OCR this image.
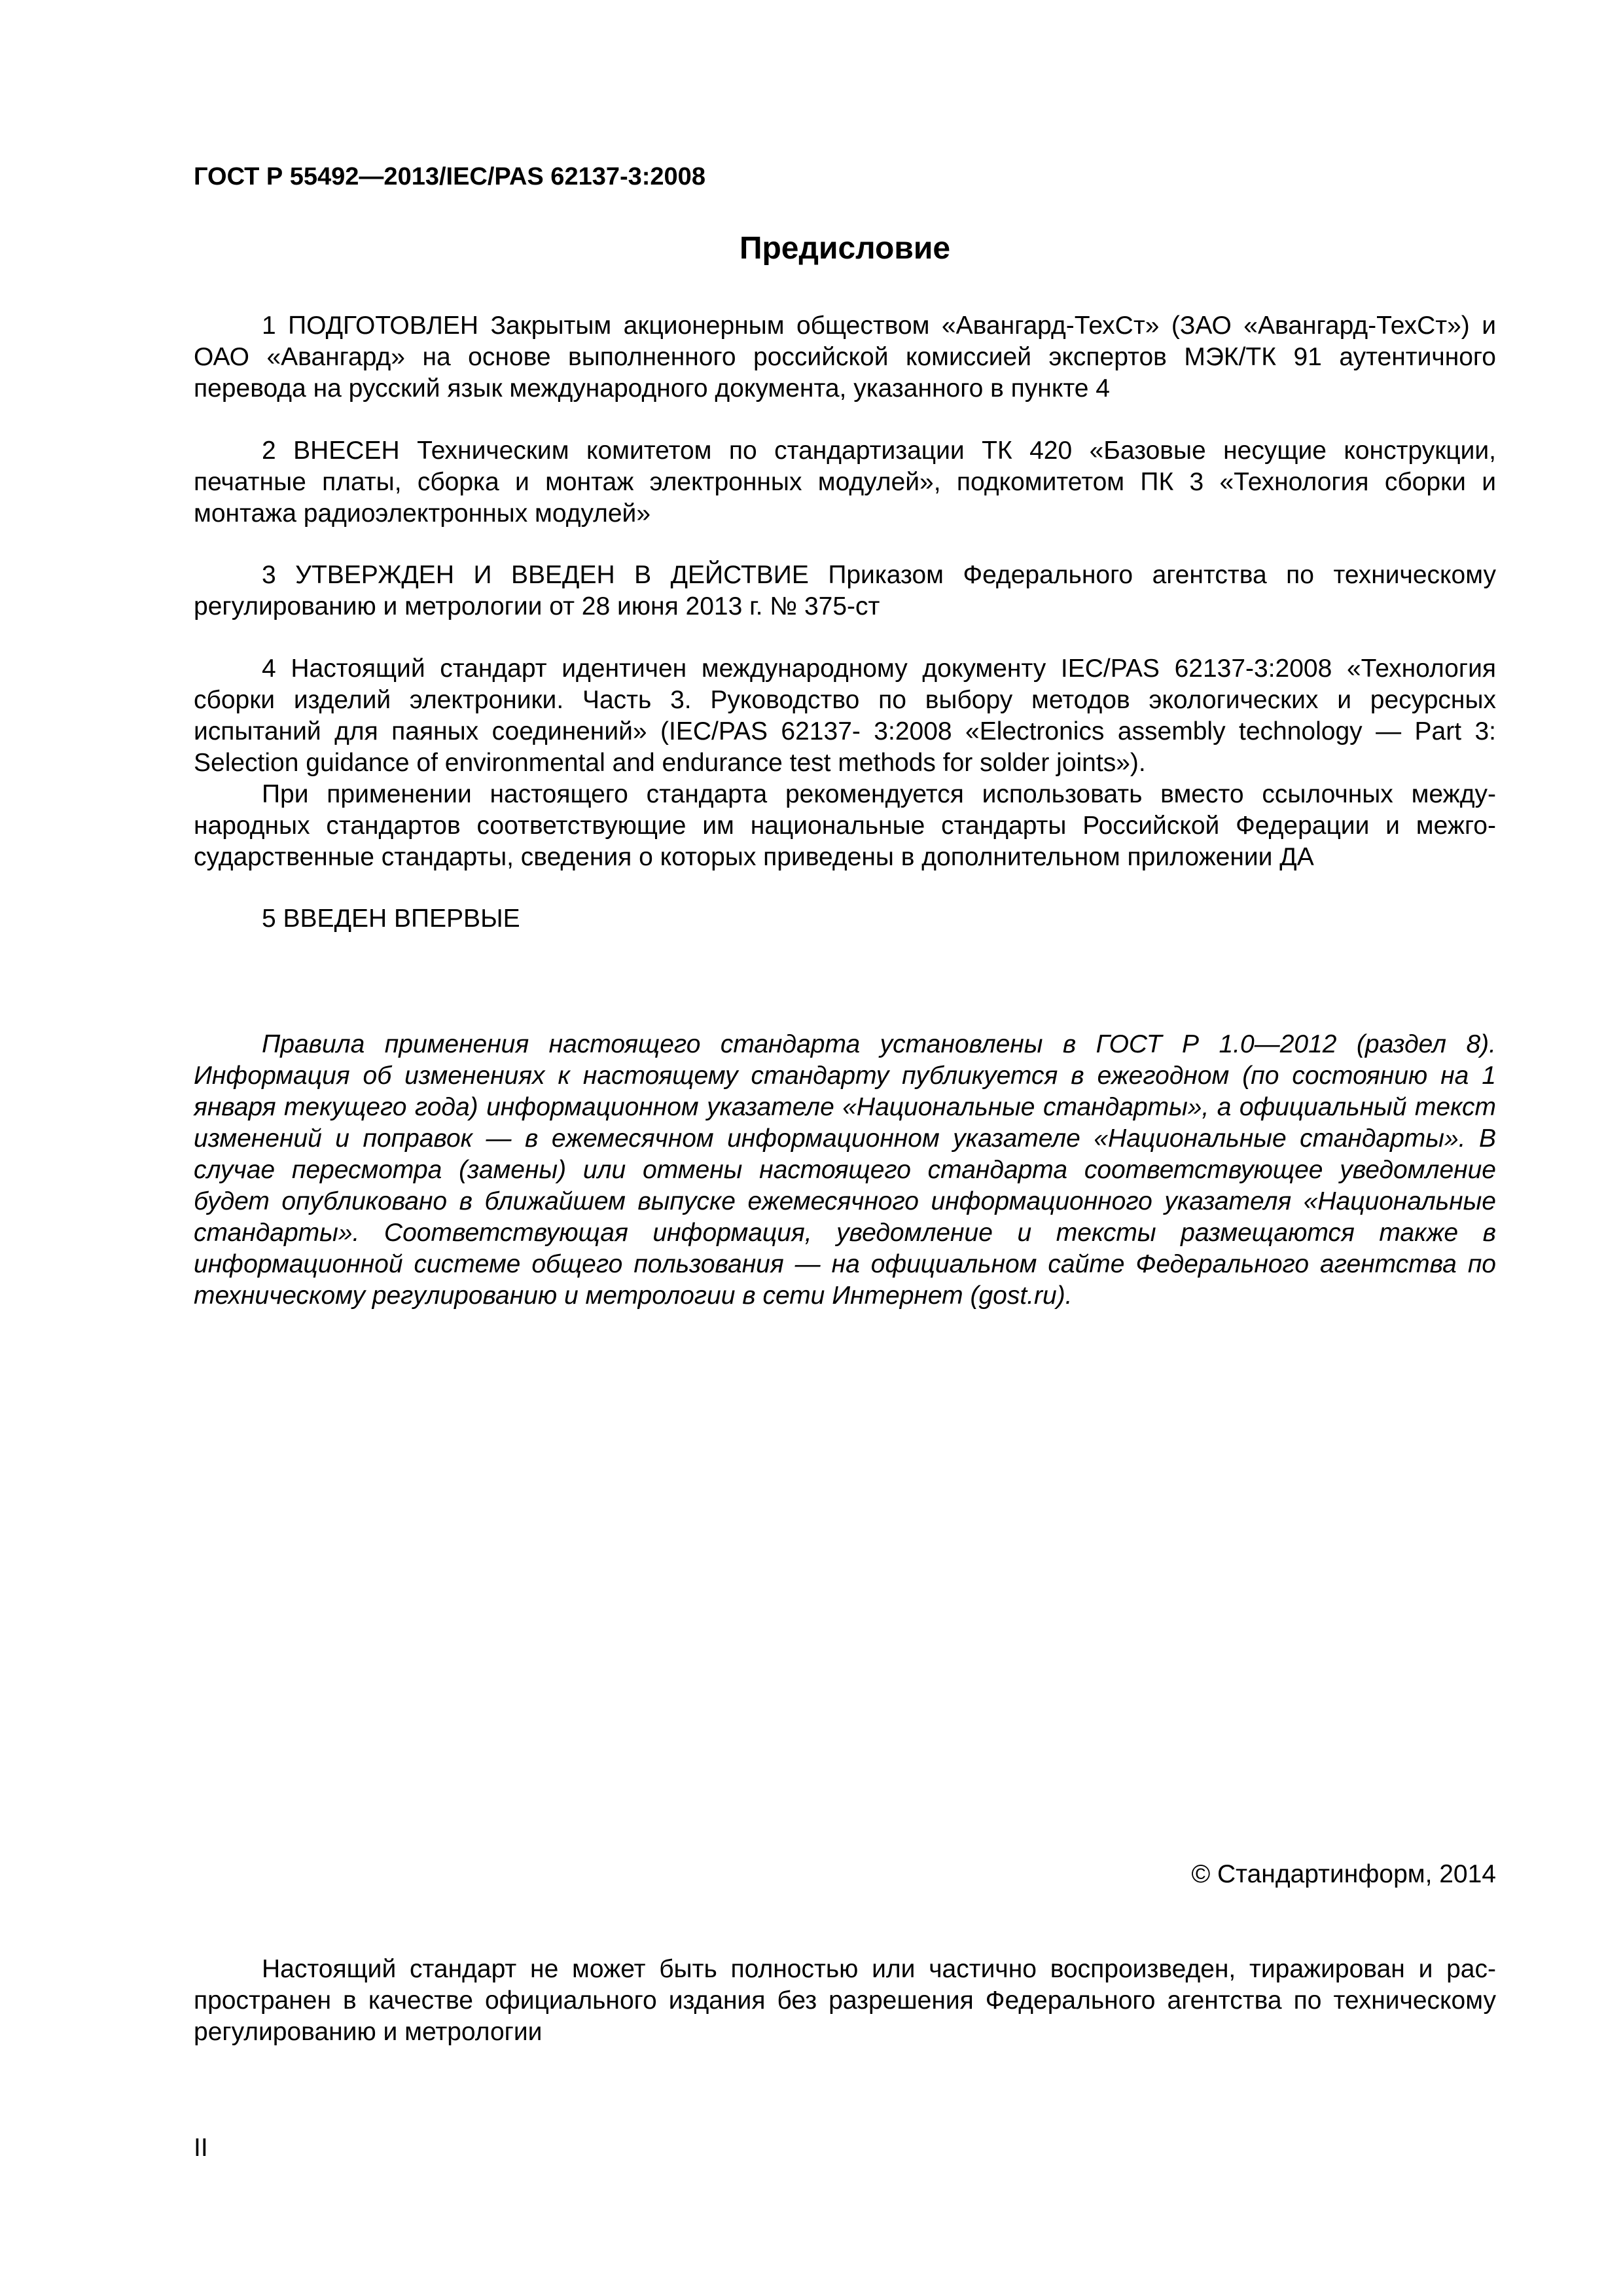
ГОСТ Р 55492—2013/IEC/PAS 62137-3:2008
Предисловие

1 ПОДГОТОВЛЕН Закрытым акционерным обществом «Авангард-ТехСт» (ЗАО «Авангард-ТехСт») и ОАО «Авангард» на основе выполненного российской комиссией экспертов МЭК/ТК 91 аутентичного перевода на русский язык международного документа, указанного в пункте 4

2 ВНЕСЕН Техническим комитетом по стандартизации ТК 420 «Базовые несущие конструкции, печатные платы, сборка и монтаж электронных модулей», подкомитетом ПК 3 «Технология сборки и монтажа радиоэлектронных модулей»

3 УТВЕРЖДЕН И ВВЕДЕН В ДЕЙСТВИЕ Приказом Федерального агентства по техническому регулированию и метрологии от 28 июня 2013 г. № 375-ст

4 Настоящий стандарт идентичен международному документу IEC/PAS 62137-3:2008 «Технология сборки изделий электроники. Часть 3. Руководство по выбору методов экологических и ресурсных испытаний для паяных соединений» (IEC/PAS 62137- 3:2008 «Electronics assembly technology — Part 3: Selection guidance of environmental and endurance test methods for solder joints»).

При применении настоящего стандарта рекомендуется использовать вместо ссылочных международных стандартов соответствующие им национальные стандарты Российской Федерации и межгосударственные стандарты, сведения о которых приведены в дополнительном приложении ДА

5 ВВЕДЕН ВПЕРВЫЕ

Правила применения настоящего стандарта установлены в ГОСТ Р 1.0—2012 (раздел 8). Информация об изменениях к настоящему стандарту публикуется в ежегодном (по состоянию на 1 января текущего года) информационном указателе «Национальные стандарты», а официальный текст изменений и поправок — в ежемесячном информационном указателе «Национальные стандарты». В случае пересмотра (замены) или отмены настоящего стандарта соответствующее уведомление будет опубликовано в ближайшем выпуске ежемесячного информационного указателя «Национальные стандарты». Соответствующая информация, уведомление и тексты размещаются также в информационной системе общего пользования — на официальном сайте Федерального агентства по техническому регулированию и метрологии в сети Интернет (gost.ru).

© Стандартинформ, 2014

Настоящий стандарт не может быть полностью или частично воспроизведен, тиражирован и распространен в качестве официального издания без разрешения Федерального агентства по техническому регулированию и метрологии

II
